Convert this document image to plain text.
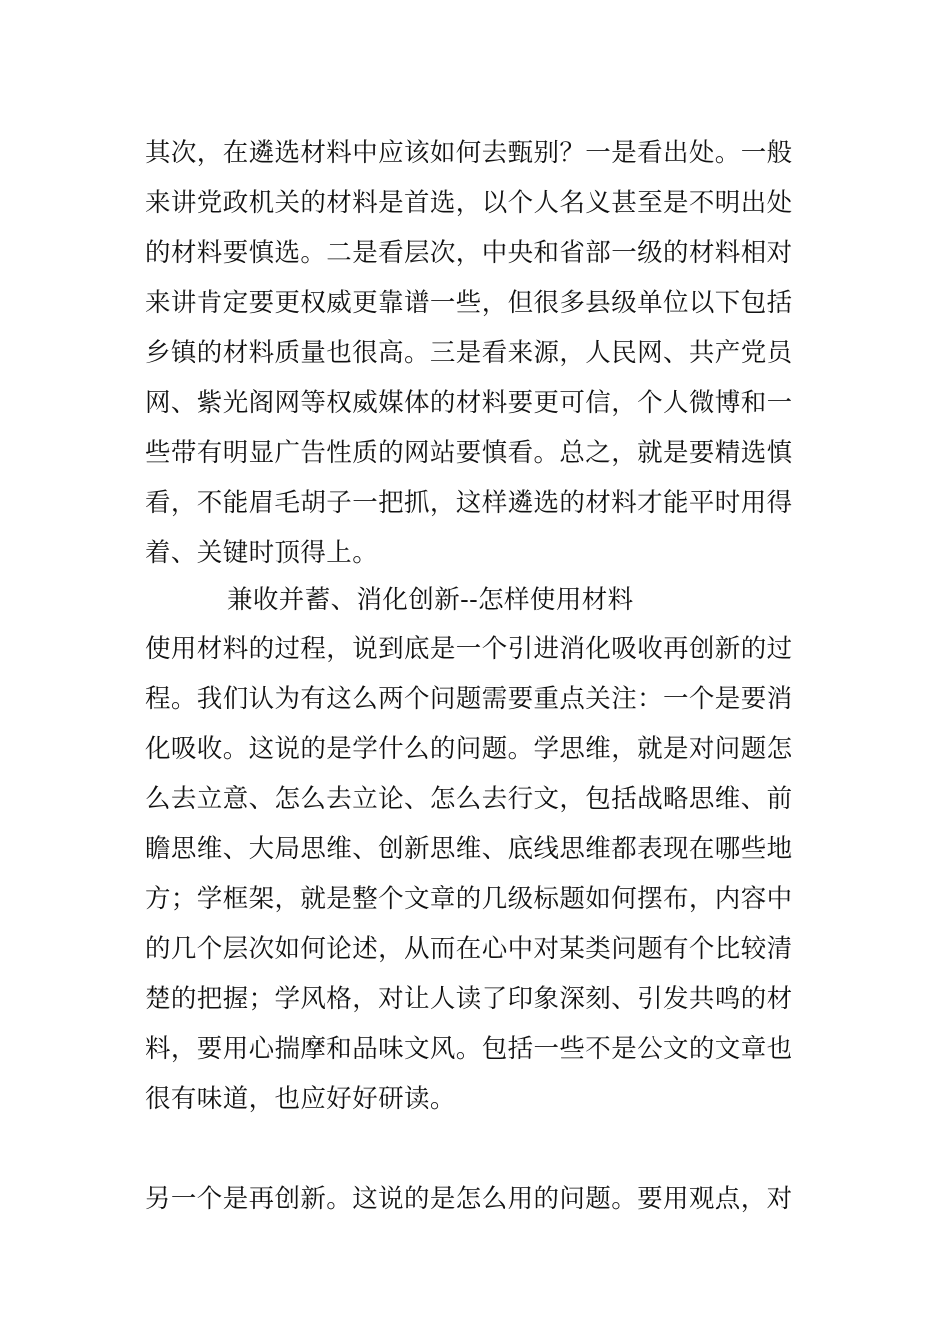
其次，在遴选材料中应该如何去甄别？一是看出处。一般
来讲党政机关的材料是首选，以个人名义甚至是不明出处
的材料要慎选。二是看层次，中央和省部一级的材料相对
来讲肯定要更权威更靠谱一些，但很多县级单位以下包括
乡镇的材料质量也很高。三是看来源，人民网、共产党员
网、紫光阁网等权威媒体的材料要更可信，个人微博和一
些带有明显广告性质的网站要慎看。总之，就是要精选慎
看，不能眉毛胡子一把抓，这样遴选的材料才能平时用得
着、关键时顶得上。
兼收并蓄、消化创新--怎样使用材料
使用材料的过程，说到底是一个引进消化吸收再创新的过
程。我们认为有这么两个问题需要重点关注：一个是要消
化吸收。这说的是学什么的问题。学思维，就是对问题怎
么去立意、怎么去立论、怎么去行文，包括战略思维、前
瞻思维、大局思维、创新思维、底线思维都表现在哪些地
方；学框架，就是整个文章的几级标题如何摆布，内容中
的几个层次如何论述，从而在心中对某类问题有个比较清
楚的把握；学风格，对让人读了印象深刻、引发共鸣的材
料，要用心揣摩和品味文风。包括一些不是公文的文章也
很有味道，也应好好研读。
另一个是再创新。这说的是怎么用的问题。要用观点，对
